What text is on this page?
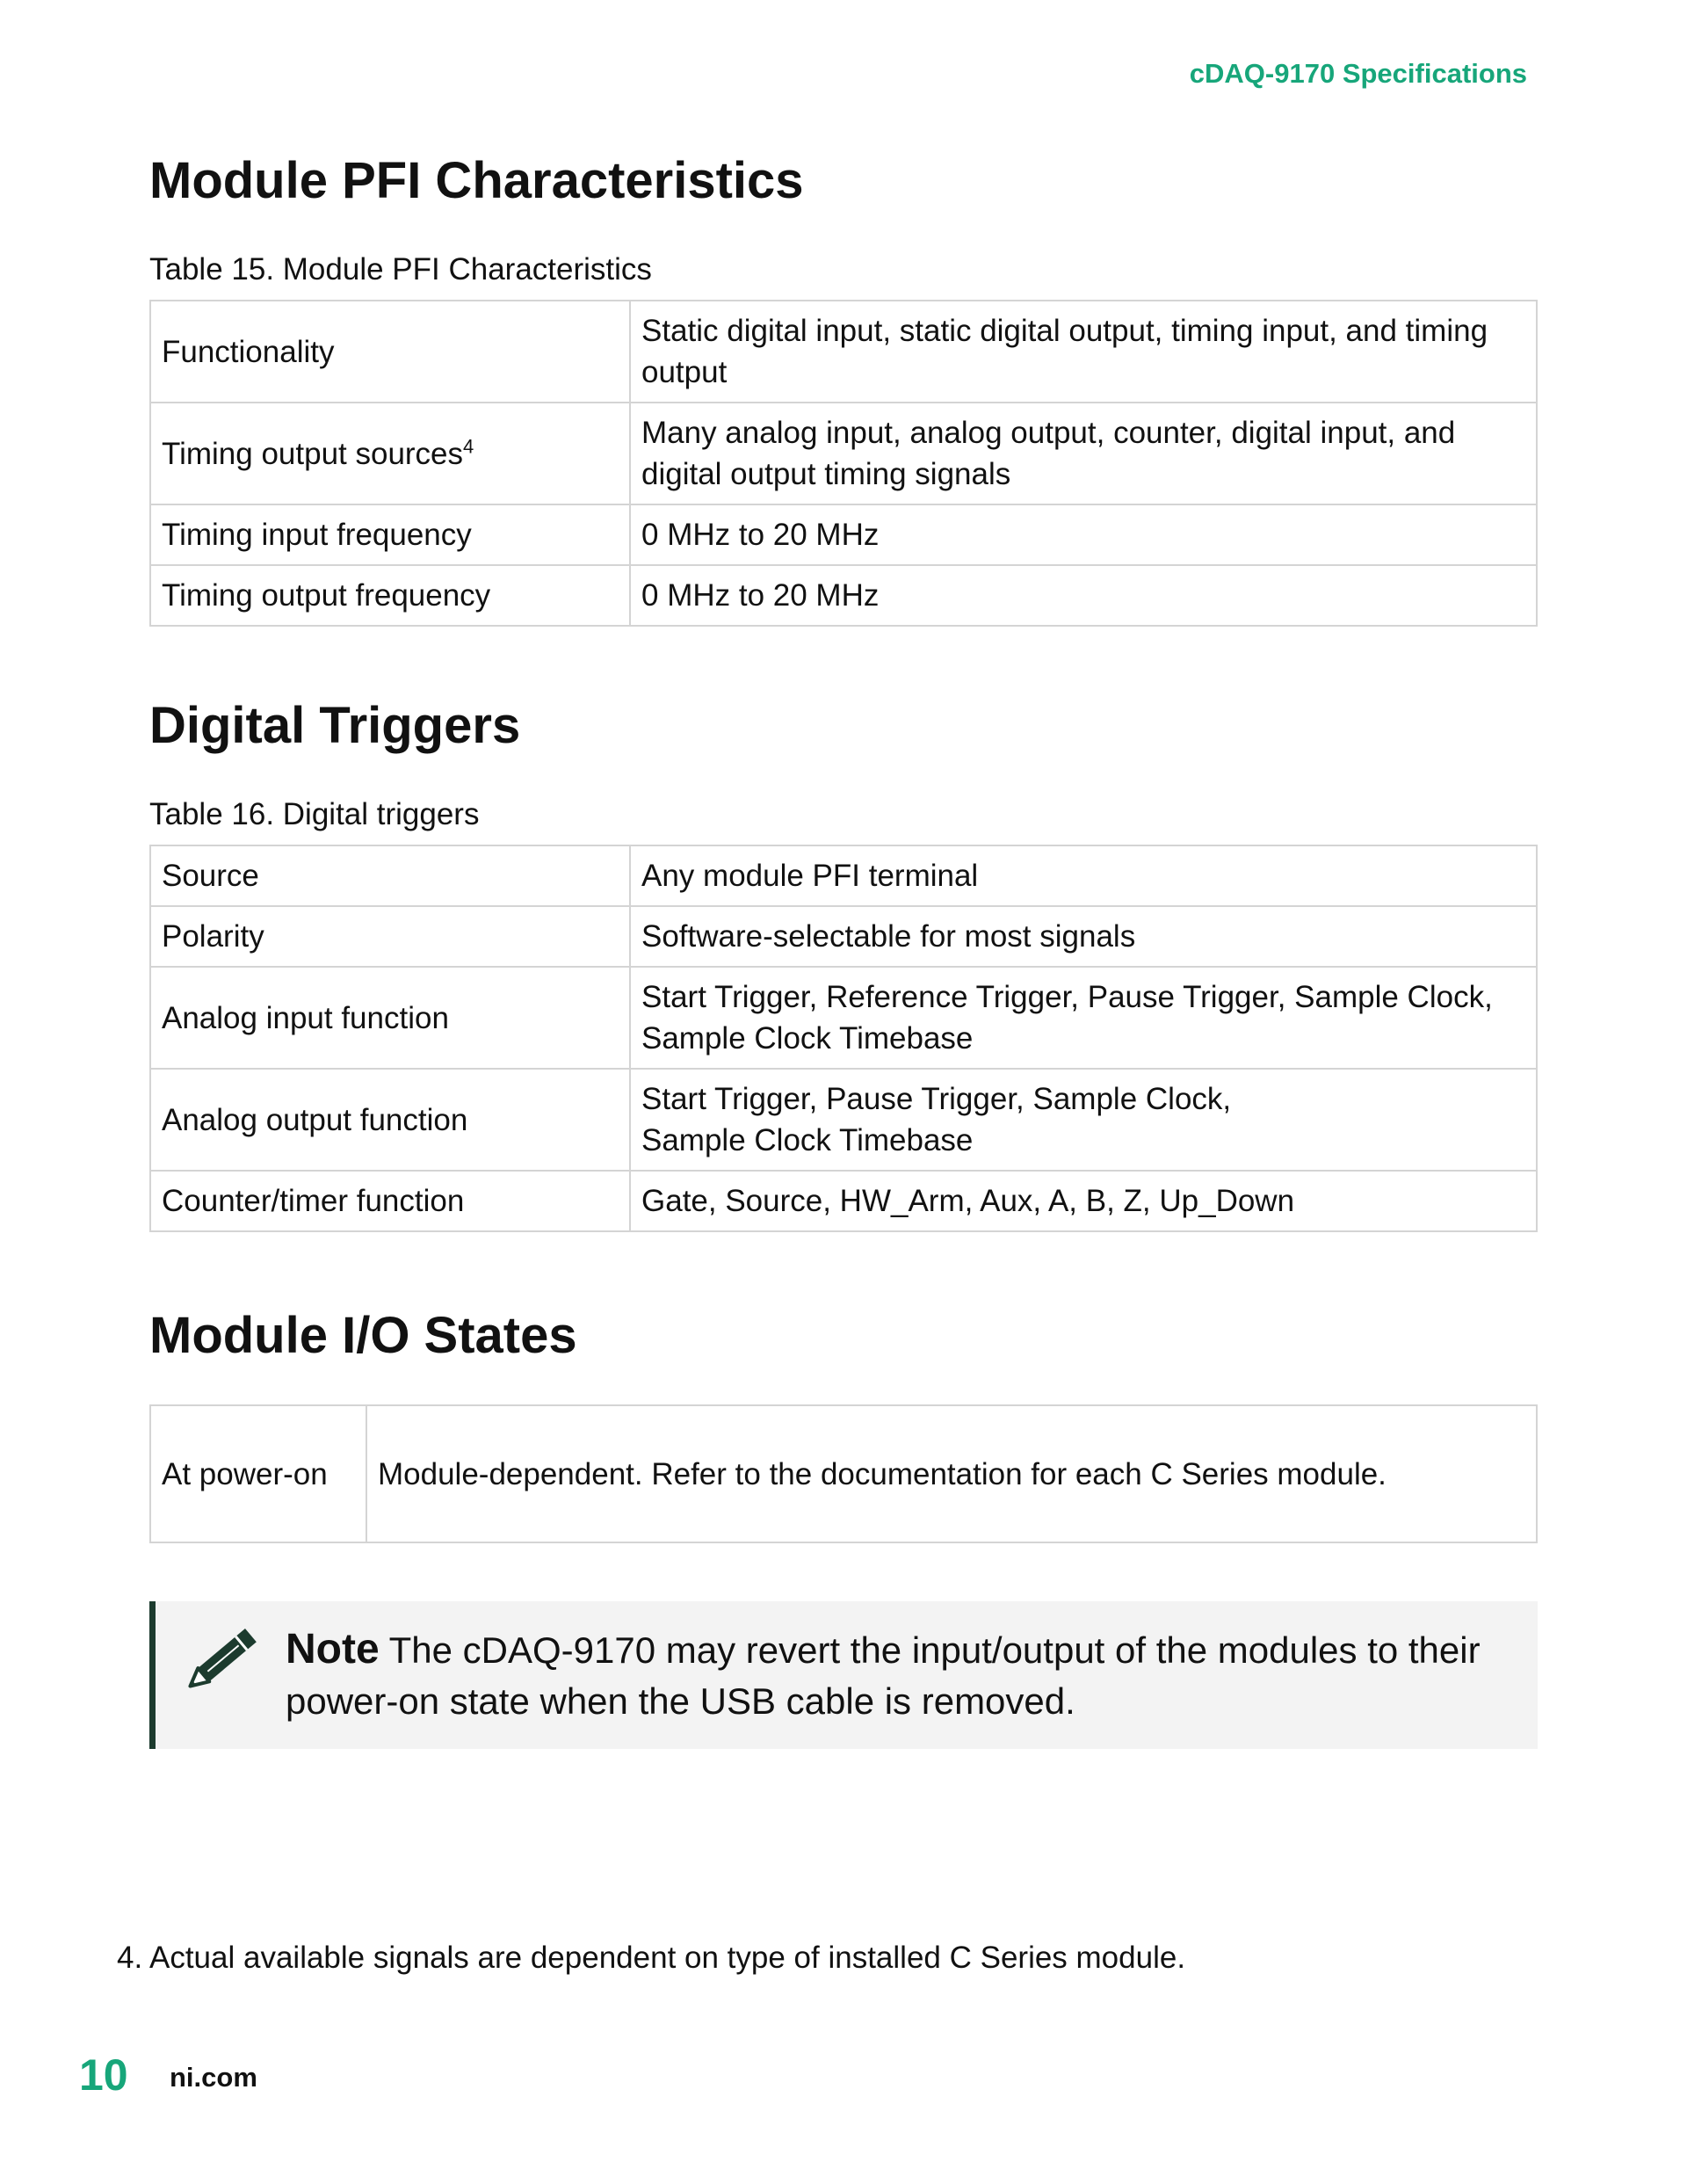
cDAQ-9170 Specifications
Module PFI Characteristics
Table 15. Module PFI Characteristics
Functionality	Static digital input, static digital output, timing input, and timing output
Timing output sources$^4$	Many analog input, analog output, counter, digital input, and digital output timing signals
Timing input frequency	0 MHz to 20 MHz
Timing output frequency	0 MHz to 20 MHz
Digital Triggers
Table 16. Digital triggers
Source	Any module PFI terminal
Polarity	Software-selectable for most signals
Analog input function	Start Trigger, Reference Trigger, Pause Trigger, Sample Clock, Sample Clock Timebase
Analog output function	Start Trigger, Pause Trigger, Sample Clock,
Sample Clock Timebase
Counter/timer function	Gate, Source, HW_Arm, Aux, A, B, Z, Up_Down
Module I/O States
At power-on	Module-dependent. Refer to the documentation for each C Series module.
Note The cDAQ-9170 may revert the input/output of the modules to their power-on state when the USB cable is removed.
4. Actual available signals are dependent on type of installed C Series module.
10 ni.com
